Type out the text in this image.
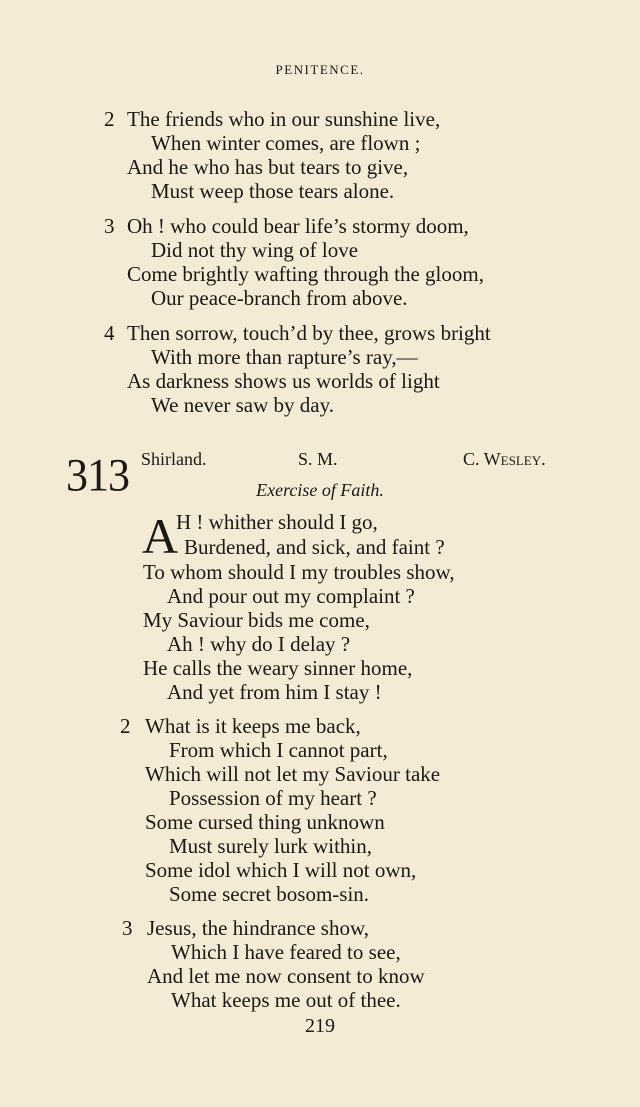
PENITENCE.
2 The friends who in our sunshine live,
When winter comes, are flown ;
And he who has but tears to give,
Must weep those tears alone.
3 Oh ! who could bear life’s stormy doom,
Did not thy wing of love
Come brightly wafting through the gloom,
Our peace-branch from above.
4 Then sorrow, touch’d by thee, grows bright
With more than rapture’s ray,—
As darkness shows us worlds of light
We never saw by day.
313 Shirland.	S. M.	C. Wesley.
Exercise of Faith.
A
H ! whither should I go,
Burdened, and sick, and faint ?
To whom should I my troubles show,
And pour out my complaint ?
My Saviour bids me come,
Ah ! why do I delay ?
He calls the weary sinner home,
And yet from him I stay !
2 What is it keeps me back,
From which I cannot part,
Which will not let my Saviour take
Possession of my heart ?
Some cursed thing unknown
Must surely lurk within,
Some idol which I will not own,
Some secret bosom-sin.
3 Jesus, the hindrance show,
Which I have feared to see,
And let me now consent to know
What keeps me out of thee.
219
